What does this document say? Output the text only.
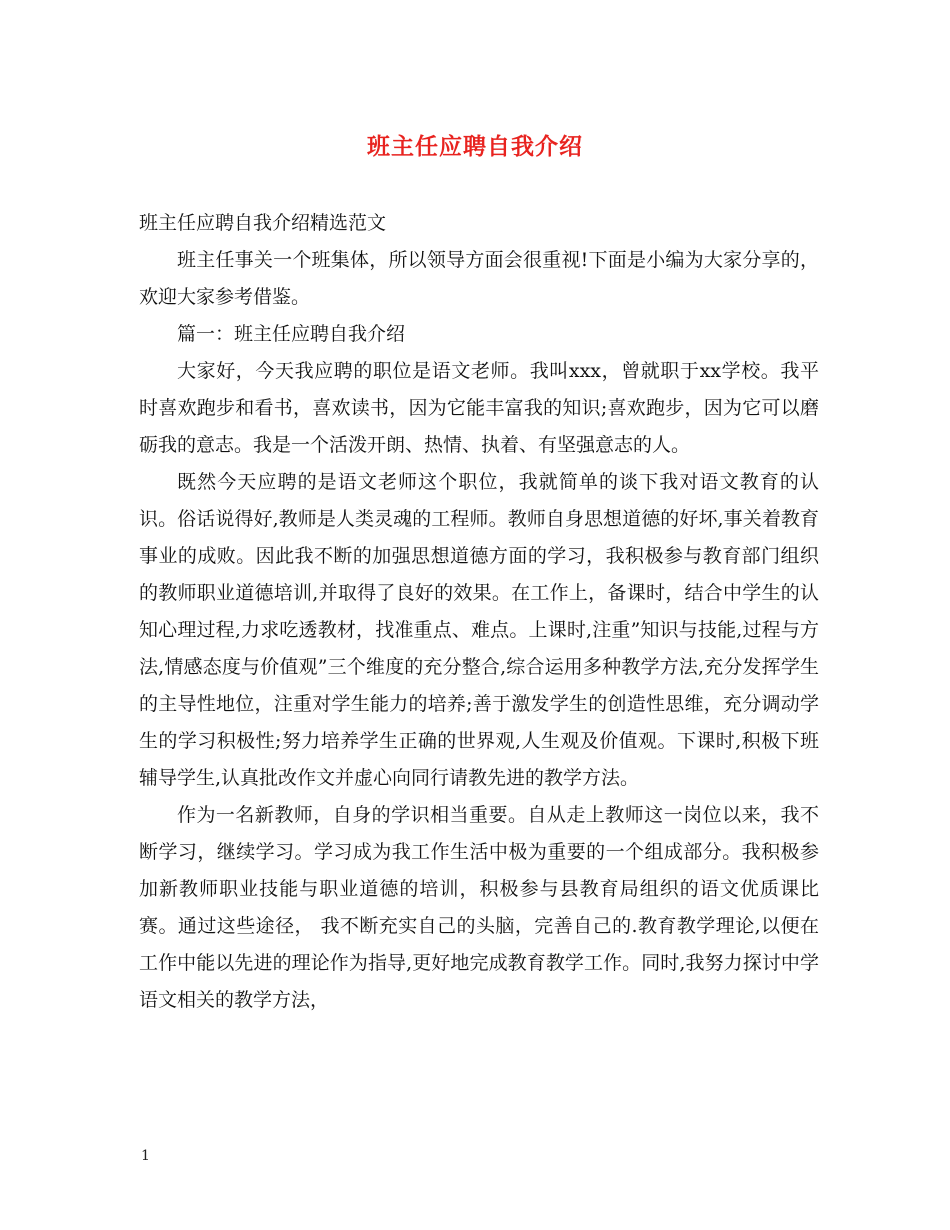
班主任应聘自我介绍

班主任应聘自我介绍精选范文

班主任事关一个班集体，所以领导方面会很重视!下面是小编为大家分享的，欢迎大家参考借鉴。

篇一：班主任应聘自我介绍

大家好，今天我应聘的职位是语文老师。我叫xxx，曾就职于xx学校。我平时喜欢跑步和看书，喜欢读书，因为它能丰富我的知识;喜欢跑步，因为它可以磨砺我的意志。我是一个活泼开朗、热情、执着、有坚强意志的人。

既然今天应聘的是语文老师这个职位，我就简单的谈下我对语文教育的认识。俗话说得好,教师是人类灵魂的工程师。教师自身思想道德的好坏,事关着教育事业的成败。因此我不断的加强思想道德方面的学习，我积极参与教育部门组织的教师职业道德培训,并取得了良好的效果。在工作上，备课时，结合中学生的认知心理过程,力求吃透教材，找准重点、难点。上课时,注重”知识与技能,过程与方法,情感态度与价值观”三个维度的充分整合,综合运用多种教学方法,充分发挥学生的主导性地位，注重对学生能力的培养;善于激发学生的创造性思维，充分调动学生的学习积极性;努力培养学生正确的世界观,人生观及价值观。下课时,积极下班辅导学生,认真批改作文并虚心向同行请教先进的教学方法。

作为一名新教师，自身的学识相当重要。自从走上教师这一岗位以来，我不断学习，继续学习。学习成为我工作生活中极为重要的一个组成部分。我积极参加新教师职业技能与职业道德的培训，积极参与县教育局组织的语文优质课比赛。通过这些途径， 我不断充实自己的头脑，完善自己的.教育教学理论,以便在工作中能以先进的理论作为指导,更好地完成教育教学工作。同时,我努力探讨中学语文相关的教学方法，

1
